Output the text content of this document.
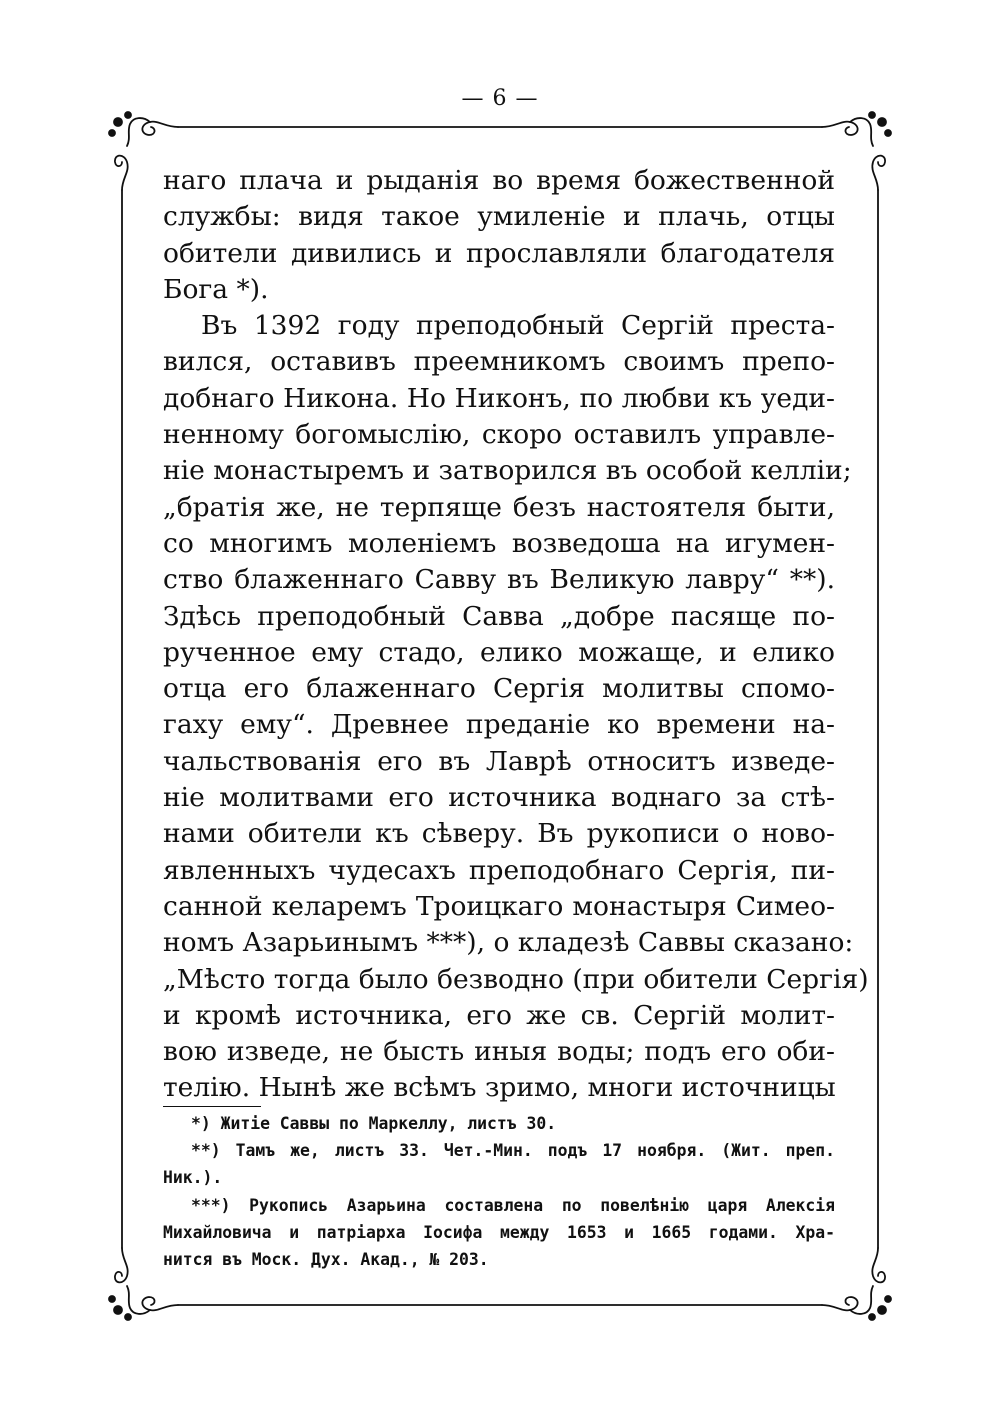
— 6 —
наго плача и рыданія во время божественной
службы: видя такое умиленіе и плачь, отцы
обители дивились и прославляли благодателя
Бога *).
Въ 1392 году преподобный Сергій преста-
вился, оставивъ преемникомъ своимъ препо-
добнаго Никона. Но Никонъ, по любви къ уеди-
ненному богомыслію, скоро оставилъ управле-
ніе монастыремъ и затворился въ особой келліи;
„братія же, не терпяще безъ настоятеля быти,
со многимъ моленіемъ возведоша на игумен-
ство блаженнаго Савву въ Великую лавру“ **).
Здѣсь преподобный Савва „добре пасяще по-
рученное ему стадо, елико можаще, и елико
отца его блаженнаго Сергія молитвы спомо-
гаху ему“. Древнее преданіе ко времени на-
чальствованія его въ Лаврѣ относитъ изведе-
ніе молитвами его источника воднаго за стѣ-
нами обители къ сѣверу. Въ рукописи о ново-
явленныхъ чудесахъ преподобнаго Сергія, пи-
санной келаремъ Троицкаго монастыря Симео-
номъ Азарьинымъ ***), о кладезѣ Саввы сказано:
„Мѣсто тогда было безводно (при обители Сергія)
и кромѣ источника, его же св. Сергій молит-
вою изведе, не бысть иныя воды; подъ его оби-
телію. Нынѣ же всѣмъ зримо, многи источницы
*) Житіе Саввы по Маркеллу, листъ 30.
**) Тамъ же, листъ 33. Чет.-Мин. подъ 17 ноября. (Жит. преп.
Ник.).
***) Рукопись Азарьина составлена по повелѣнію царя Алексія
Михайловича и патріарха Іосифа между 1653 и 1665 годами. Хра-
нится въ Моск. Дух. Акад., № 203.
